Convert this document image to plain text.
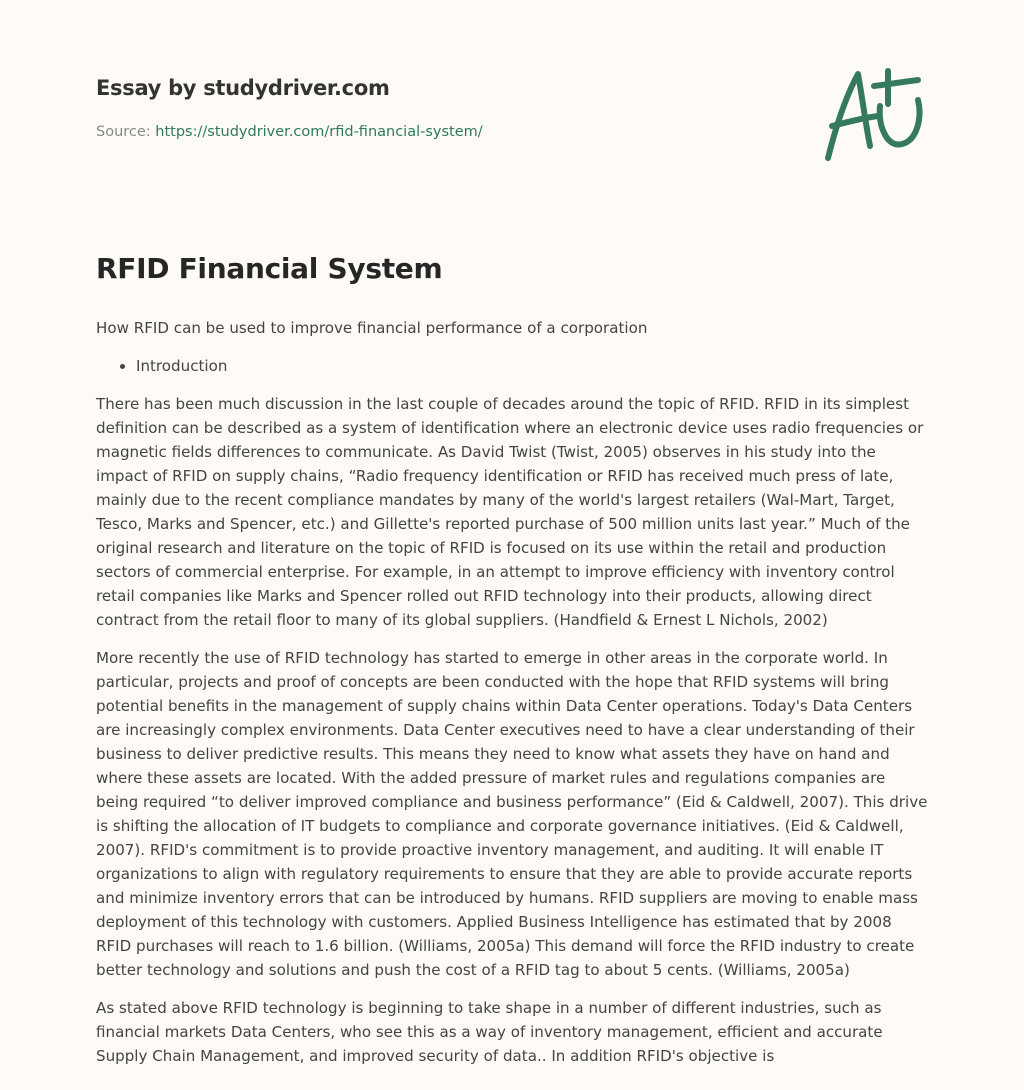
Essay by studydriver.com
Source: https://studydriver.com/rfid-financial-system/
RFID Financial System

How RFID can be used to improve financial performance of a corporation

• Introduction

There has been much discussion in the last couple of decades around the topic of RFID. RFID in its simplest definition can be described as a system of identification where an electronic device uses radio frequencies or magnetic fields differences to communicate. As David Twist (Twist, 2005) observes in his study into the impact of RFID on supply chains, “Radio frequency identification or RFID has received much press of late, mainly due to the recent compliance mandates by many of the world's largest retailers (Wal-Mart, Target, Tesco, Marks and Spencer, etc.) and Gillette's reported purchase of 500 million units last year.” Much of the original research and literature on the topic of RFID is focused on its use within the retail and production sectors of commercial enterprise. For example, in an attempt to improve efficiency with inventory control retail companies like Marks and Spencer rolled out RFID technology into their products, allowing direct contract from the retail floor to many of its global suppliers. (Handfield & Ernest L Nichols, 2002)

More recently the use of RFID technology has started to emerge in other areas in the corporate world. In particular, projects and proof of concepts are been conducted with the hope that RFID systems will bring potential benefits in the management of supply chains within Data Center operations. Today's Data Centers are increasingly complex environments. Data Center executives need to have a clear understanding of their business to deliver predictive results. This means they need to know what assets they have on hand and where these assets are located. With the added pressure of market rules and regulations companies are being required “to deliver improved compliance and business performance” (Eid & Caldwell, 2007). This drive is shifting the allocation of IT budgets to compliance and corporate governance initiatives. (Eid & Caldwell, 2007). RFID's commitment is to provide proactive inventory management, and auditing. It will enable IT organizations to align with regulatory requirements to ensure that they are able to provide accurate reports and minimize inventory errors that can be introduced by humans. RFID suppliers are moving to enable mass deployment of this technology with customers. Applied Business Intelligence has estimated that by 2008 RFID purchases will reach to 1.6 billion. (Williams, 2005a) This demand will force the RFID industry to create better technology and solutions and push the cost of a RFID tag to about 5 cents. (Williams, 2005a)

As stated above RFID technology is beginning to take shape in a number of different industries, such as financial markets Data Centers, who see this as a way of inventory management, efficient and accurate Supply Chain Management, and improved security of data.. In addition RFID's objective is
